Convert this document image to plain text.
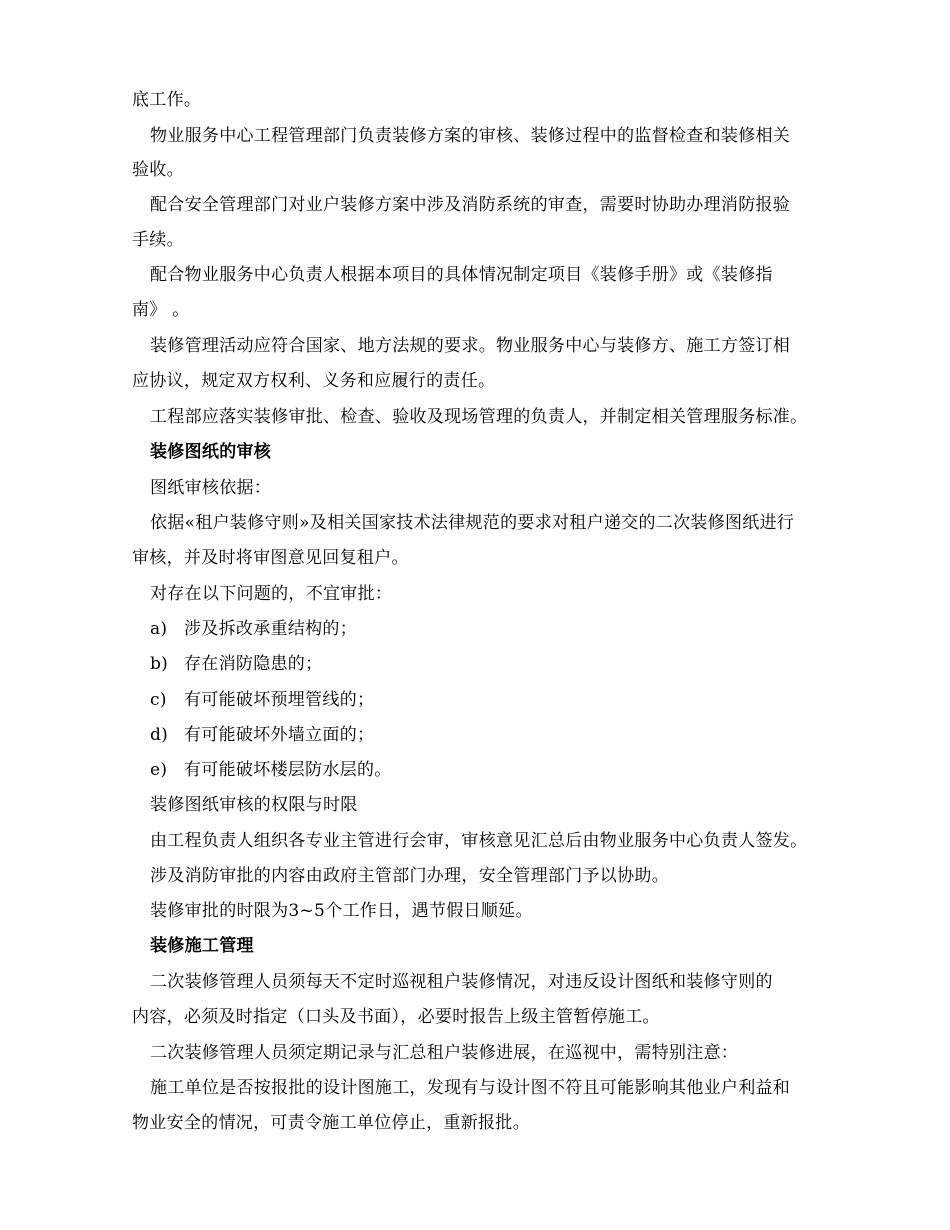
底工作。

物业服务中心工程管理部门负责装修方案的审核、装修过程中的监督检查和装修相关

验收。

配合安全管理部门对业户装修方案中涉及消防系统的审查，需要时协助办理消防报验

手续。

配合物业服务中心负责人根据本项目的具体情况制定项目《装修手册》或《装修指

南》 。

装修管理活动应符合国家、地方法规的要求。物业服务中心与装修方、施工方签订相

应协议，规定双方权利、义务和应履行的责任。

工程部应落实装修审批、检查、验收及现场管理的负责人，并制定相关管理服务标准。

装修图纸的审核

图纸审核依据：

依据«租户装修守则»及相关国家技术法律规范的要求对租户递交的二次装修图纸进行

审核，并及时将审图意见回复租户。

对存在以下问题的，不宜审批：

a) 涉及拆改承重结构的；
b) 存在消防隐患的；
c) 有可能破坏预埋管线的；
d) 有可能破坏外墙立面的；
e) 有可能破坏楼层防水层的。

装修图纸审核的权限与时限

由工程负责人组织各专业主管进行会审，审核意见汇总后由物业服务中心负责人签发。

涉及消防审批的内容由政府主管部门办理，安全管理部门予以协助。

装修审批的时限为3~5个工作日，遇节假日顺延。

装修施工管理

二次装修管理人员须每天不定时巡视租户装修情况，对违反设计图纸和装修守则的

内容，必须及时指定（口头及书面），必要时报告上级主管暂停施工。

二次装修管理人员须定期记录与汇总租户装修进展，在巡视中，需特别注意：

施工单位是否按报批的设计图施工，发现有与设计图不符且可能影响其他业户利益和

物业安全的情况，可责令施工单位停止，重新报批。
